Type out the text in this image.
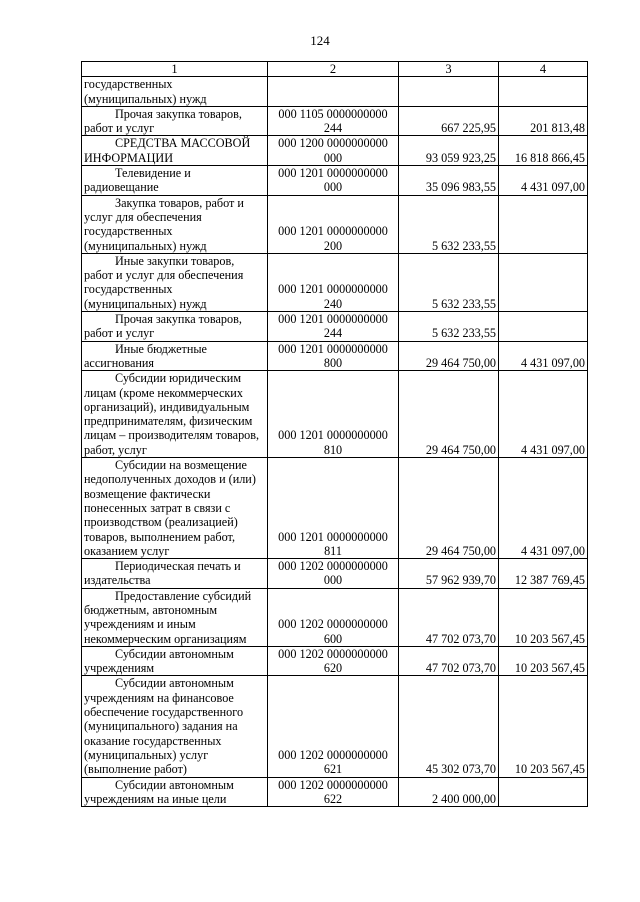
124
1	2	3	4

государственных (муниципальных) нужд			

Прочая закупка товаров, работ и услуг	000 1105 0000000000 244	667 225,95	201 813,48

СРЕДСТВА МАССОВОЙ ИНФОРМАЦИИ	000 1200 0000000000 000	93 059 923,25	16 818 866,45

Телевидение и радиовещание	000 1201 0000000000 000	35 096 983,55	4 431 097,00

Закупка товаров, работ и услуг для обеспечения государственных (муниципальных) нужд	000 1201 0000000000 200	5 632 233,55	

Иные закупки товаров, работ и услуг для обеспечения государственных (муниципальных) нужд	000 1201 0000000000 240	5 632 233,55	

Прочая закупка товаров, работ и услуг	000 1201 0000000000 244	5 632 233,55	

Иные бюджетные ассигнования	000 1201 0000000000 800	29 464 750,00	4 431 097,00

Субсидии юридическим лицам (кроме некоммерческих организаций), индивидуальным предпринимателям, физическим лицам – производителям товаров, работ, услуг	000 1201 0000000000 810	29 464 750,00	4 431 097,00

Субсидии на возмещение недополученных доходов и (или) возмещение фактически понесенных затрат в связи с производством (реализацией) товаров, выполнением работ, оказанием услуг	000 1201 0000000000 811	29 464 750,00	4 431 097,00

Периодическая печать и издательства	000 1202 0000000000 000	57 962 939,70	12 387 769,45

Предоставление субсидий бюджетным, автономным учреждениям и иным некоммерческим организациям	000 1202 0000000000 600	47 702 073,70	10 203 567,45

Субсидии автономным учреждениям	000 1202 0000000000 620	47 702 073,70	10 203 567,45

Субсидии автономным учреждениям на финансовое обеспечение государственного (муниципального) задания на оказание государственных (муниципальных) услуг (выполнение работ)	000 1202 0000000000 621	45 302 073,70	10 203 567,45

Субсидии автономным учреждениям на иные цели	000 1202 0000000000 622	2 400 000,00	
